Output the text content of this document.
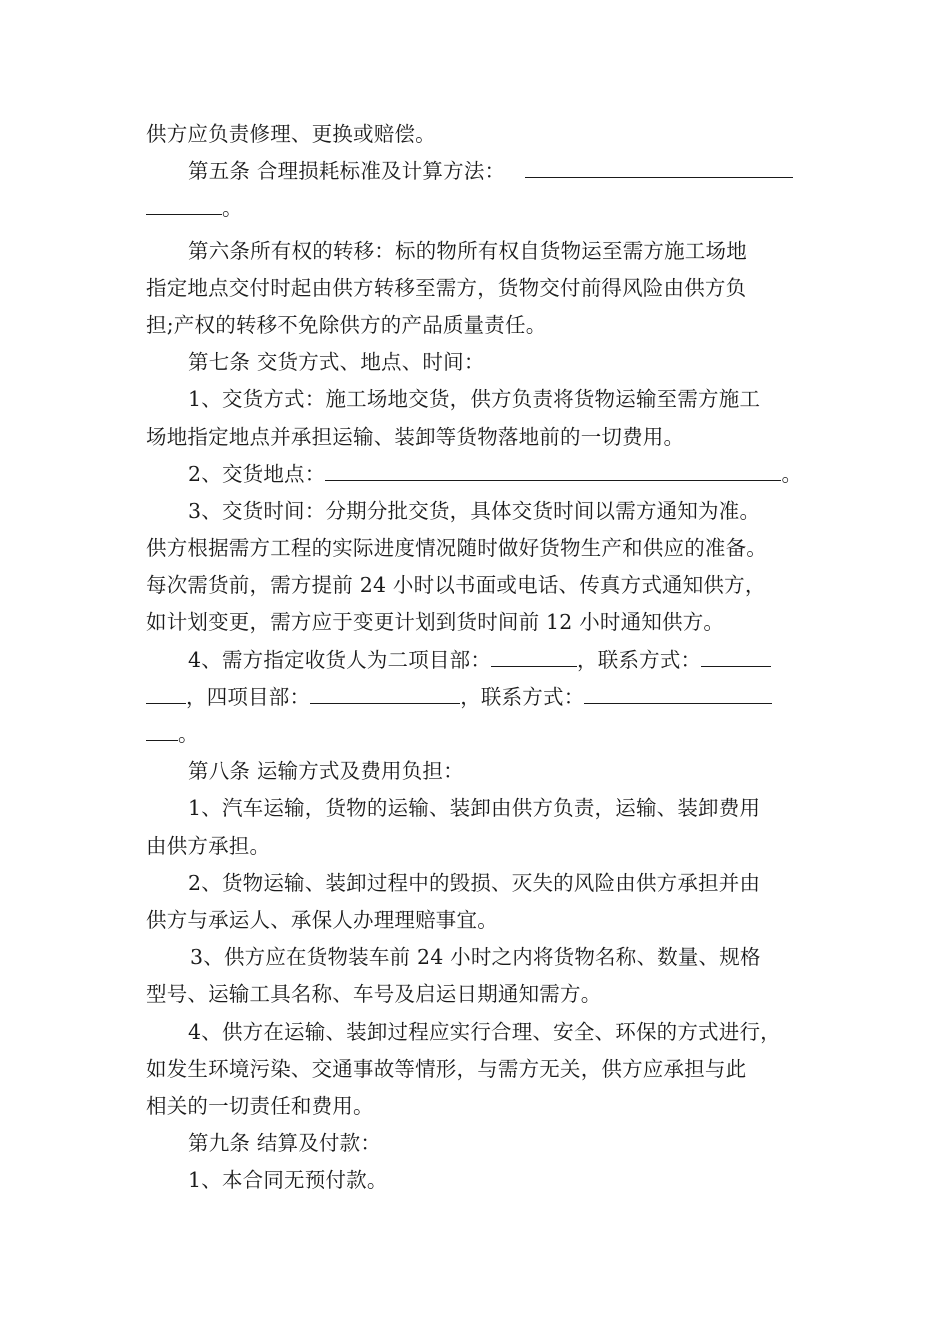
供方应负责修理、更换或赔偿。
第五条 合理损耗标准及计算方法：
。
第六条所有权的转移：标的物所有权自货物运至需方施工场地
指定地点交付时起由供方转移至需方，货物交付前得风险由供方负
担;产权的转移不免除供方的产品质量责任。
第七条 交货方式、地点、时间：
1、交货方式：施工场地交货，供方负责将货物运输至需方施工
场地指定地点并承担运输、装卸等货物落地前的一切费用。
2、交货地点：	。
3、交货时间：分期分批交货，具体交货时间以需方通知为准。
供方根据需方工程的实际进度情况随时做好货物生产和供应的准备。
每次需货前，需方提前 24 小时以书面或电话、传真方式通知供方，
如计划变更，需方应于变更计划到货时间前 12 小时通知供方。
4、需方指定收货人为二项目部：	，联系方式：
，四项目部：	，联系方式：
。
第八条 运输方式及费用负担：
1、汽车运输，货物的运输、装卸由供方负责，运输、装卸费用
由供方承担。
2、货物运输、装卸过程中的毁损、灭失的风险由供方承担并由
供方与承运人、承保人办理理赔事宜。
3、供方应在货物装车前 24 小时之内将货物名称、数量、规格
型号、运输工具名称、车号及启运日期通知需方。
4、供方在运输、装卸过程应实行合理、安全、环保的方式进行，
如发生环境污染、交通事故等情形，与需方无关，供方应承担与此
相关的一切责任和费用。
第九条 结算及付款：
1、本合同无预付款。
